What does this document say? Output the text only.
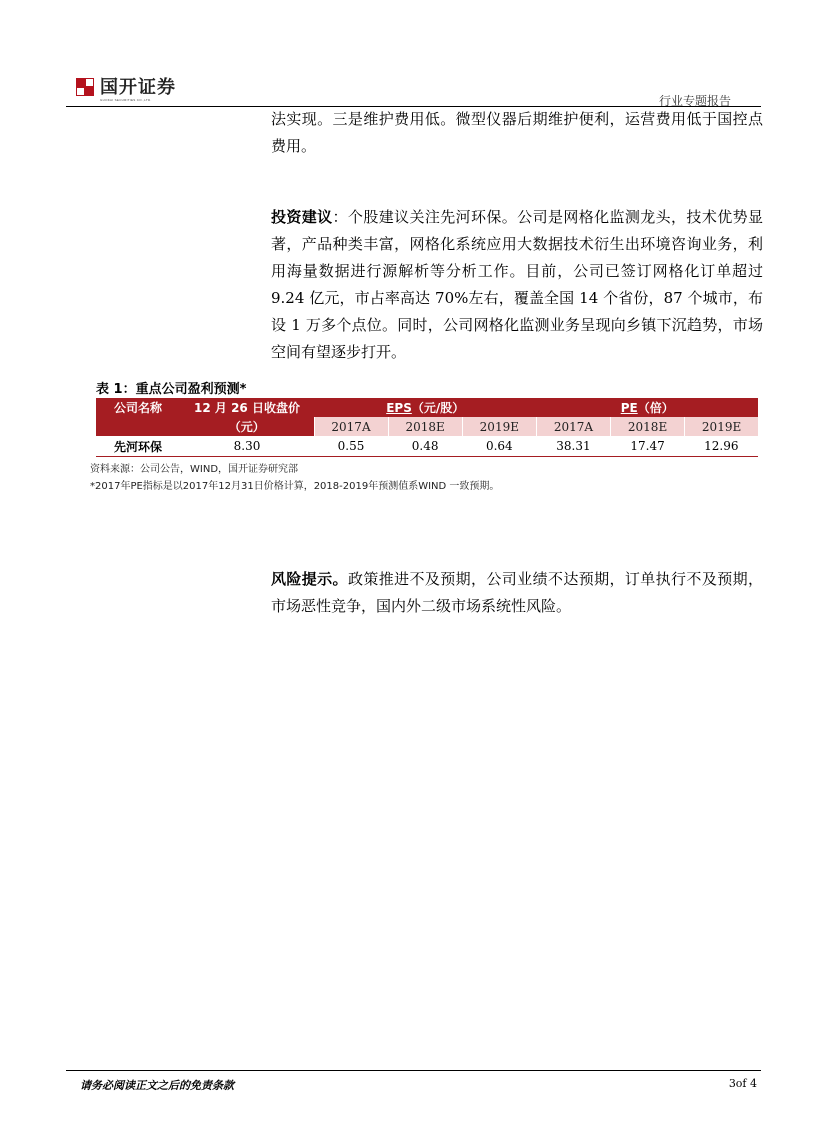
国开证券
GUOKAI SECURITIES CO.,LTD.	行业专题报告
法实现。三是维护费用低。微型仪器后期维护便利，运营费用低于国控点费用。
投资建议：个股建议关注先河环保。公司是网格化监测龙头，技术优势显著，产品种类丰富，网格化系统应用大数据技术衍生出环境咨询业务，利用海量数据进行源解析等分析工作。目前，公司已签订网格化订单超过 9.24 亿元，市占率高达 70%左右，覆盖全国 14 个省份，87 个城市，布设 1 万多个点位。同时，公司网格化监测业务呈现向乡镇下沉趋势，市场空间有望逐步打开。
表 1：重点公司盈利预测*
公司名称	12 月 26 日收盘价	EPS（元/股）			PE（倍）		
	（元）	2017A	2018E	2019E	2017A	2018E	2019E
先河环保	8.30	0.55	0.48	0.64	38.31	17.47	12.96
资料来源：公司公告，WIND，国开证券研究部
*2017年PE指标是以2017年12月31日价格计算，2018-2019年预测值系WIND 一致预期。
风险提示。政策推进不及预期，公司业绩不达预期，订单执行不及预期，市场恶性竞争，国内外二级市场系统性风险。
请务必阅读正文之后的免责条款	3of 4
